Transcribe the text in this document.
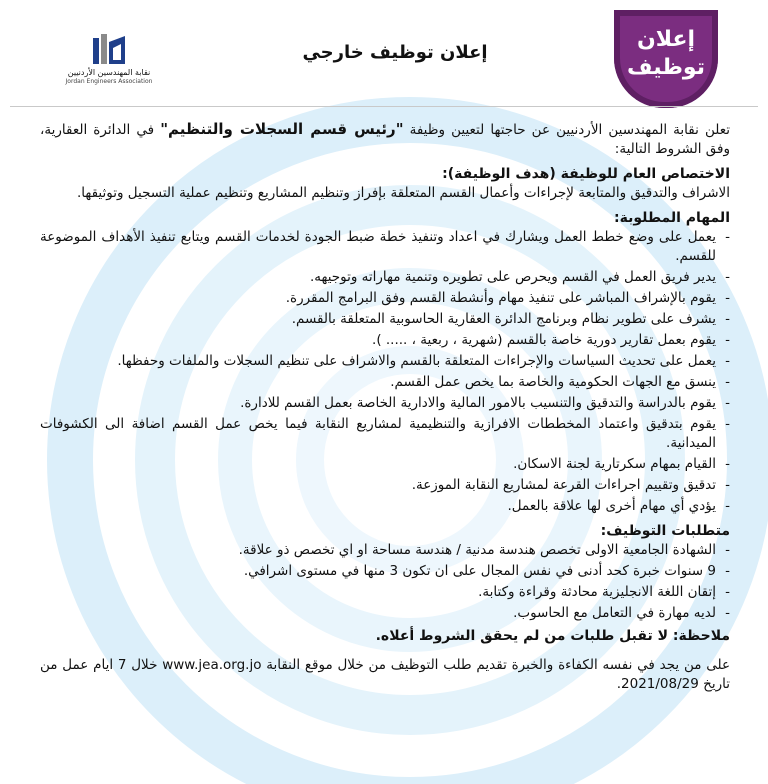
نقابة المهندسين الأردنيين
Jordan Engineers Association
إعلان توظيف خارجي
إعلان
توظيف

تعلن نقابة المهندسين الأردنيين عن حاجتها لتعيين وظيفة "رئيس قسم السجلات والتنظيم" في الدائرة العقارية، وفق الشروط التالية:

الاختصاص العام للوظيفة (هدف الوظيفة):

الاشراف والتدقيق والمتابعة لإجراءات وأعمال القسم المتعلقة بإفراز وتنظيم المشاريع وتنظيم عملية التسجيل وتوثيقها.

المهام المطلوبة:

- يعمل على وضع خطط العمل ويشارك في اعداد وتنفيذ خطة ضبط الجودة لخدمات القسم ويتابع تنفيذ الأهداف الموضوعة للقسم.
- يدير فريق العمل في القسم ويحرص على تطويره وتنمية مهاراته وتوجيهه.
- يقوم بالإشراف المباشر على تنفيذ مهام وأنشطة القسم وفق البرامج المقررة.
- يشرف على تطوير نظام وبرنامج الدائرة العقارية الحاسوبية المتعلقة بالقسم.
- يقوم بعمل تقارير دورية خاصة بالقسم (شهرية ، ربعية ، ..... ).
- يعمل على تحديث السياسات والإجراءات المتعلقة بالقسم والاشراف على تنظيم السجلات والملفات وحفظها.
- ينسق مع الجهات الحكومية والخاصة بما يخص عمل القسم.
- يقوم بالدراسة والتدقيق والتنسيب بالامور المالية والادارية الخاصة بعمل القسم للادارة.
- يقوم بتدقيق واعتماد المخططات الافرازية والتنظيمية لمشاريع النقابة فيما يخص عمل القسم اضافة الى الكشوفات الميدانية.
- القيام بمهام سكرتارية لجنة الاسكان.
- تدقيق وتقييم اجراءات القرعة لمشاريع النقابة الموزعة.
- يؤدي أي مهام أخرى لها علاقة بالعمل.

متطلبات التوظيف:

- الشهادة الجامعية الاولى تخصص هندسة مدنية / هندسة مساحة او اي تخصص ذو علاقة.
- 9 سنوات خبرة كحد أدنى في نفس المجال على ان تكون 3 منها في مستوى اشرافي.
- إتقان اللغة الانجليزية محادثة وقراءة وكتابة.
- لديه مهارة في التعامل مع الحاسوب.

ملاحظة: لا تقبل طلبات من لم يحقق الشروط أعلاه.

على من يجد في نفسه الكفاءة والخبرة تقديم طلب التوظيف من خلال موقع النقابة www.jea.org.jo خلال 7 ايام عمل من تاريخ 2021/08/29.
